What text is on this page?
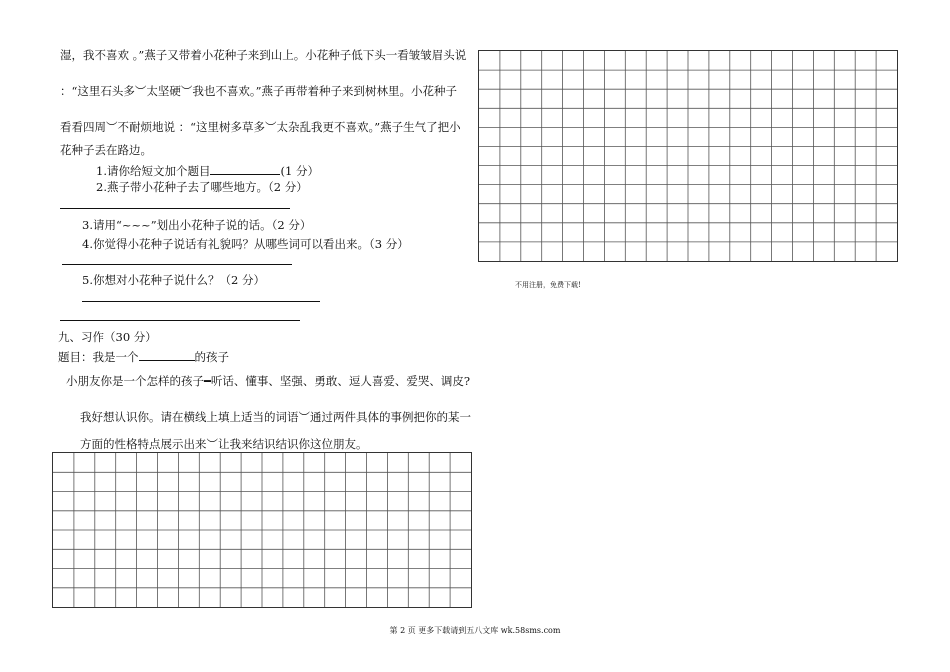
湿，我不喜欢 。”燕子又带着小花种子来到山上。小花种子低下头一看皱皱眉头说
：“这里石头多︶太坚硬︶我也不喜欢。”燕子再带着种子来到树林里。小花种子
看看四周︶不耐烦地说 ：“这里树多草多︶太杂乱我更不喜欢。”燕子生气了把小
花种子丢在路边。
1.请你给短文加个题目	(1 分）
2.燕子带小花种子去了哪些地方。（2 分）
3.请用“~~~”划出小花种子说的话。（2 分）
4.你觉得小花种子说话有礼貌吗？从哪些词可以看出来。（3 分）
5.你想对小花种子说什么？（2 分）
九、习作（30 分）
题目：我是一个	的孩子
小朋友你是一个怎样的孩子━听话、懂事、坚强、勇敢、逗人喜爱、爱哭、调皮?
我好想认识你。请在横线上填上适当的词语︶通过两件具体的事例把你的某一
方面的性格特点展示出来︶让我来结识结识你这位朋友。
不用注册，免费下载!
第 2 页 更多下载请到五八文库 wk.58sms.com
